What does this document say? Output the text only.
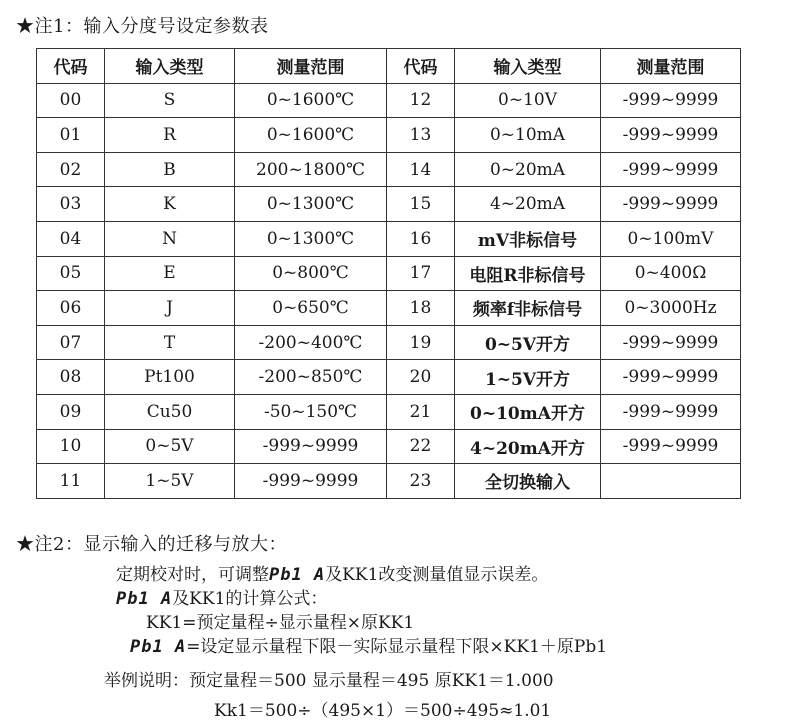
★注1：输入分度号设定参数表
代码	输入类型	测量范围	代码	输入类型	测量范围
00	S	0~1600℃	12	0~10V	-999~9999
01	R	0~1600℃	13	0~10mA	-999~9999
02	B	200~1800℃	14	0~20mA	-999~9999
03	K	0~1300℃	15	4~20mA	-999~9999
04	N	0~1300℃	16	mV非标信号	0~100mV
05	E	0~800℃	17	电阻R非标信号	0~400Ω
06	J	0~650℃	18	频率f非标信号	0~3000Hz
07	T	-200~400℃	19	0~5V开方	-999~9999
08	Pt100	-200~850℃	20	1~5V开方	-999~9999
09	Cu50	-50~150℃	21	0~10mA开方	-999~9999
10	0~5V	-999~9999	22	4~20mA开方	-999~9999
11	1~5V	-999~9999	23	全切换输入	
★注2：显示输入的迁移与放大：
定期校对时，可调整Pb1 A及KK1改变测量值显示误差。
Pb1 A及KK1的计算公式：
KK1=预定量程÷显示量程×原KK1
Pb1 A=设定显示量程下限－实际显示量程下限×KK1＋原Pb1
举例说明：预定量程＝500 显示量程＝495 原KK1＝1.000
Kk1＝500÷（495×1）＝500÷495≈1.01
